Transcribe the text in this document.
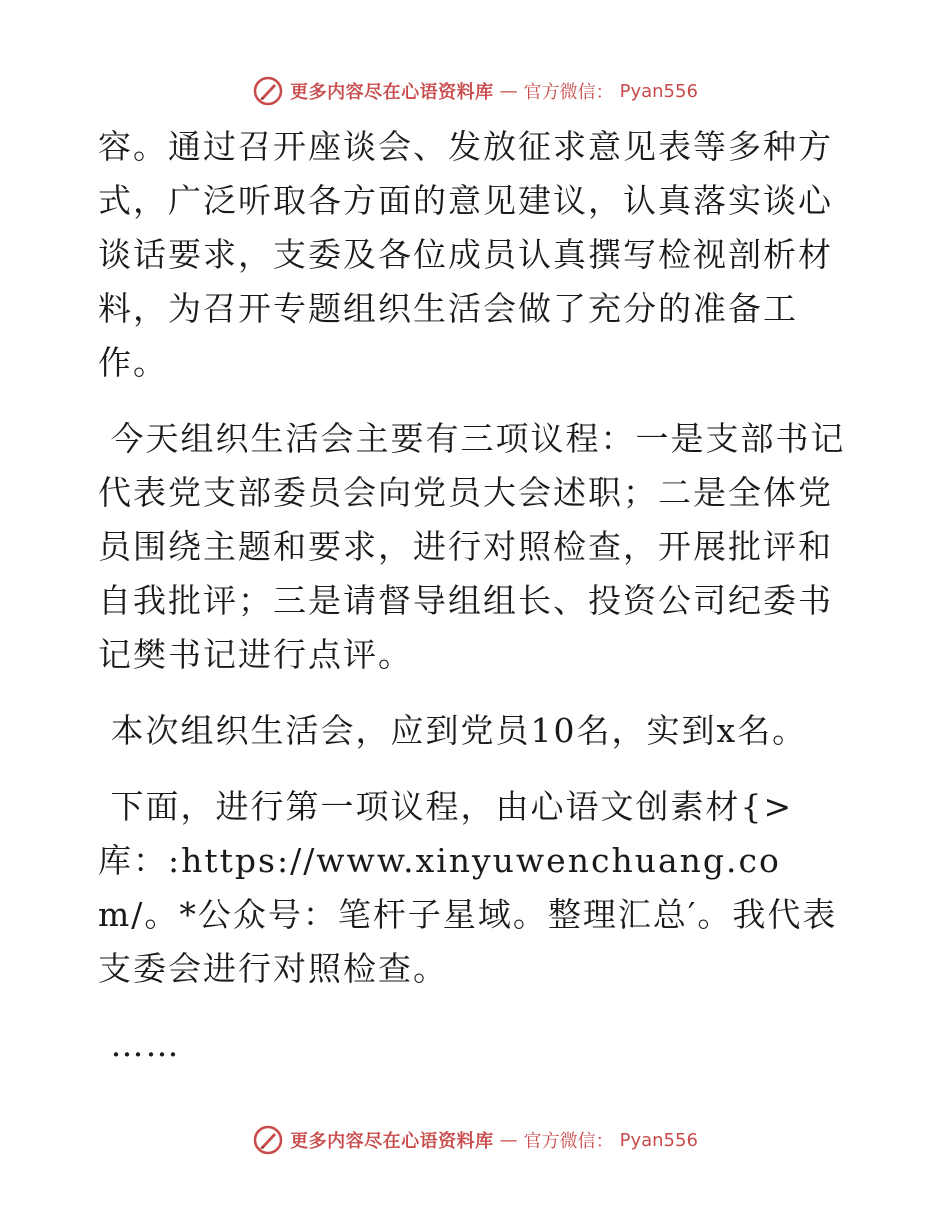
更多内容尽在心语资料库 — 官方微信： Pyan556

容。通过召开座谈会、发放征求意见表等多种方式，广泛听取各方面的意见建议，认真落实谈心谈话要求，支委及各位成员认真撰写检视剖析材料，为召开专题组织生活会做了充分的准备工作。

今天组织生活会主要有三项议程：一是支部书记代表党支部委员会向党员大会述职；二是全体党员围绕主题和要求，进行对照检查，开展批评和自我批评；三是请督导组组长、投资公司纪委书记樊书记进行点评。

本次组织生活会，应到党员10名，实到x名。

下面，进行第一项议程，由心语文创素材{>库：:https://www.xinyuwenchuang.com/。*公众号：笔杆子星域。整理汇总′。我代表支委会进行对照检查。

……

更多内容尽在心语资料库 — 官方微信： Pyan556
